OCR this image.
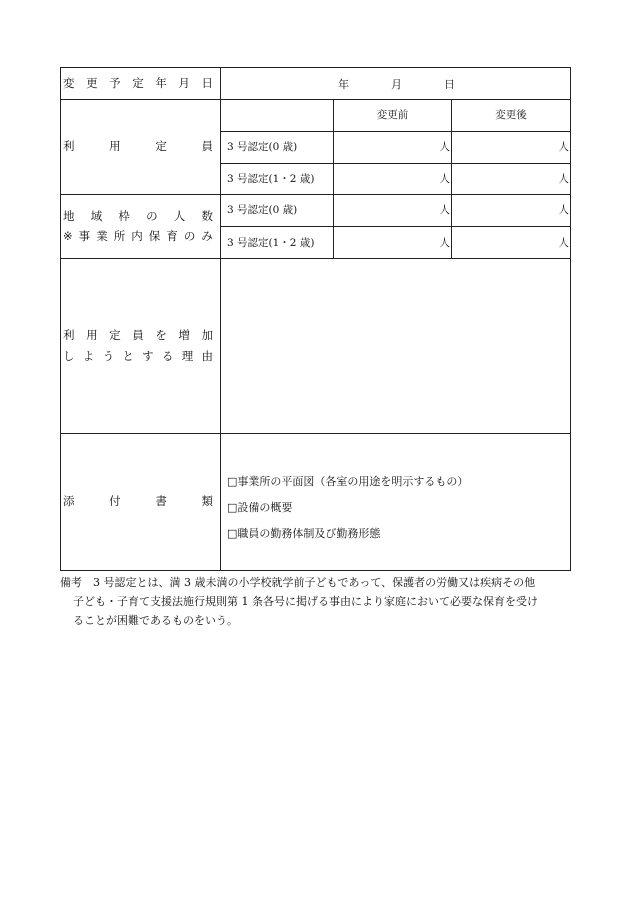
変 更 予 定 年 月 日	年	月	日
利	用	定	員
変更前	変更後
3 号認定(0 歳)	人	人
3 号認定(1・2 歳)	人	人
地 域 枠 の 人 数
※ 事 業 所 内 保 育 の み
3 号認定(0 歳)	人	人
3 号認定(1・2 歳)	人	人
利 用 定 員 を 増 加
し よ う と す る 理 由
添	付	書	類
□事業所の平面図（各室の用途を明示するもの）
□設備の概要
□職員の勤務体制及び勤務形態

備考　3 号認定とは、満 3 歳未満の小学校就学前子どもであって、保護者の労働又は疾病その他

子ども・子育て支援法施行規則第 1 条各号に掲げる事由により家庭において必要な保育を受け

ることが困難であるものをいう。
